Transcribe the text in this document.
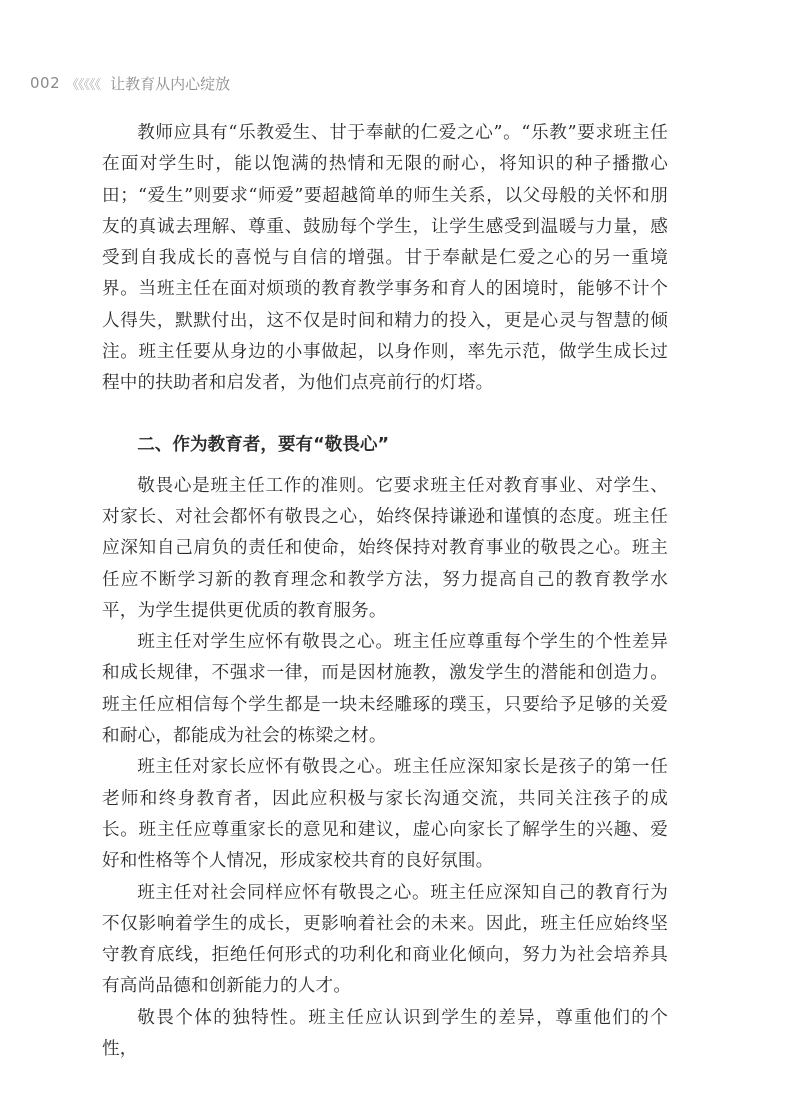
002 《《《《《 让教育从内心绽放

教师应具有“乐教爱生、甘于奉献的仁爱之心”。“乐教”要求班主任在面对学生时，能以饱满的热情和无限的耐心，将知识的种子播撒心田；“爱生”则要求“师爱”要超越简单的师生关系，以父母般的关怀和朋友的真诚去理解、尊重、鼓励每个学生，让学生感受到温暖与力量，感受到自我成长的喜悦与自信的增强。甘于奉献是仁爱之心的另一重境界。当班主任在面对烦琐的教育教学事务和育人的困境时，能够不计个人得失，默默付出，这不仅是时间和精力的投入，更是心灵与智慧的倾注。班主任要从身边的小事做起，以身作则，率先示范，做学生成长过程中的扶助者和启发者，为他们点亮前行的灯塔。

二、作为教育者，要有“敬畏心”

敬畏心是班主任工作的准则。它要求班主任对教育事业、对学生、对家长、对社会都怀有敬畏之心，始终保持谦逊和谨慎的态度。班主任应深知自己肩负的责任和使命，始终保持对教育事业的敬畏之心。班主任应不断学习新的教育理念和教学方法，努力提高自己的教育教学水平，为学生提供更优质的教育服务。

班主任对学生应怀有敬畏之心。班主任应尊重每个学生的个性差异和成长规律，不强求一律，而是因材施教，激发学生的潜能和创造力。班主任应相信每个学生都是一块未经雕琢的璞玉，只要给予足够的关爱和耐心，都能成为社会的栋梁之材。

班主任对家长应怀有敬畏之心。班主任应深知家长是孩子的第一任老师和终身教育者，因此应积极与家长沟通交流，共同关注孩子的成长。班主任应尊重家长的意见和建议，虚心向家长了解学生的兴趣、爱好和性格等个人情况，形成家校共育的良好氛围。

班主任对社会同样应怀有敬畏之心。班主任应深知自己的教育行为不仅影响着学生的成长，更影响着社会的未来。因此，班主任应始终坚守教育底线，拒绝任何形式的功利化和商业化倾向，努力为社会培养具有高尚品德和创新能力的人才。

敬畏个体的独特性。班主任应认识到学生的差异，尊重他们的个性，
